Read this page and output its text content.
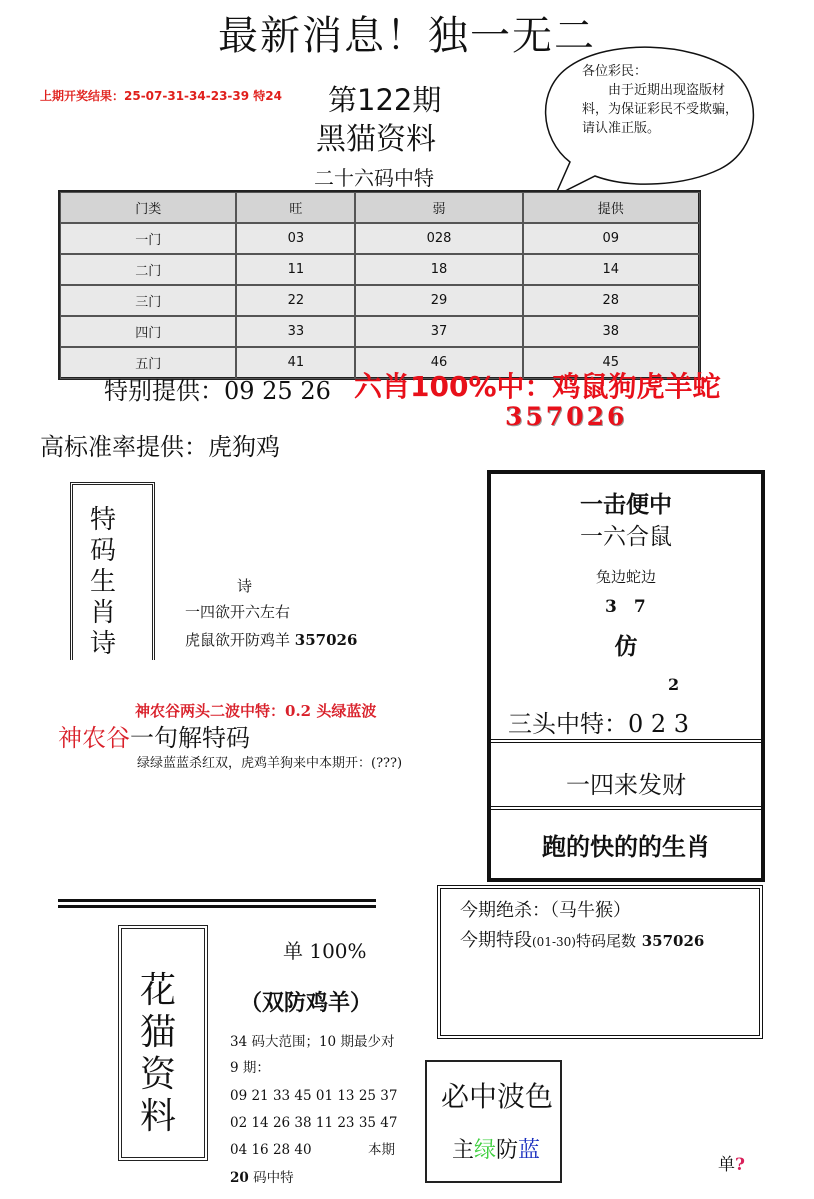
最新消息！独一无二
上期开奖结果：25-07-31-34-23-39 特24 第122期
黑猫资料
二十六码中特
各位彩民：
　　由于近期出现盗版材料，为保证彩民不受欺骗，请认准正版。
门类	旺	弱	提供
一门	03	028	09
二门	11	18	14
三门	22	29	28
四门	33	37	38
五门	41	46	45
特别提供：09 25 26 六肖100%中：鸡鼠狗虎羊蛇
357026
高标准率提供：虎狗鸡
特码生肖诗
诗
一四欲开六左右
虎鼠欲开防鸡羊 357026
一击便中
一六合鼠
兔边蛇边
3　7
仿
2
三头中特：0 2 3
一四来发财
跑的快的的生肖
神农谷两头二波中特：0.2 头绿蓝波
神农谷一句解特码
绿绿蓝蓝杀红双，虎鸡羊狗来中本期开：(???)
花猫资料
单 100%
（双防鸡羊）
34 码大范围；10 期最少对
9 期：
09 21 33 45 01 13 25 37
02 14 26 38 11 23 35 47
04 16 28 40	本期
20 码中特
今期绝杀：（马牛猴）
今期特段(01-30)特码尾数 357026
必中波色
主绿防蓝
单?
